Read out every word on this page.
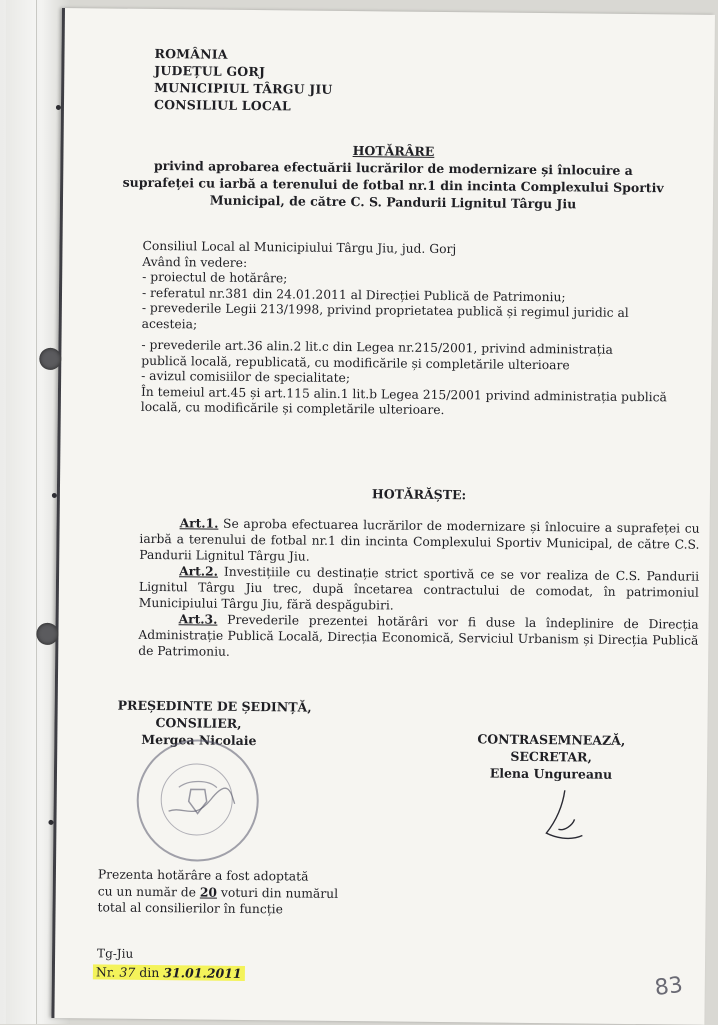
ROMÂNIA
JUDEȚUL GORJ
MUNICIPIUL TÂRGU JIU
CONSILIUL LOCAL
HOTĂRÂRE
privind aprobarea efectuării lucrărilor de modernizare și înlocuire a
suprafeței cu iarbă a terenului de fotbal nr.1 din incinta Complexului Sportiv
Municipal, de către C. S. Pandurii Lignitul Târgu Jiu
Consiliul Local al Municipiului Târgu Jiu, jud. Gorj
Având în vedere:
- proiectul de hotărâre;
- referatul nr.381 din 24.01.2011 al Direcției Publică de Patrimoniu;
- prevederile Legii 213/1998, privind proprietatea publică și regimul juridic al
acesteia;
- prevederile art.36 alin.2 lit.c din Legea nr.215/2001, privind administrația
publică locală, republicată, cu modificările și completările ulterioare
- avizul comisiilor de specialitate;
În temeiul art.45 și art.115 alin.1 lit.b Legea 215/2001 privind administrația publică
locală, cu modificările și completările ulterioare.
HOTĂRĂȘTE:
Art.1. Se aproba efectuarea lucrărilor de modernizare și înlocuire a suprafeței cu iarbă a terenului de fotbal nr.1 din incinta Complexului Sportiv Municipal, de către C.S. Pandurii Lignitul Târgu Jiu.
Art.2. Investițiile cu destinație strict sportivă ce se vor realiza de C.S. Pandurii Lignitul Târgu Jiu trec, după încetarea contractului de comodat, în patrimoniul Municipiului Târgu Jiu, fără despăgubiri.
Art.3. Prevederile prezentei hotărâri vor fi duse la îndeplinire de Direcția Administrație Publică Locală, Direcția Economică, Serviciul Urbanism și Direcția Publică de Patrimoniu.
PREȘEDINTE DE ȘEDINȚĂ,
CONSILIER,
Mergea Nicolaie	CONTRASEMNEAZĂ,
SECRETAR,
Elena Ungureanu
Prezenta hotărâre a fost adoptată
cu un număr de 20 voturi din numărul
total al consilierilor în funcție
Tg-Jiu
Nr. 37 din 31.01.2011	83
